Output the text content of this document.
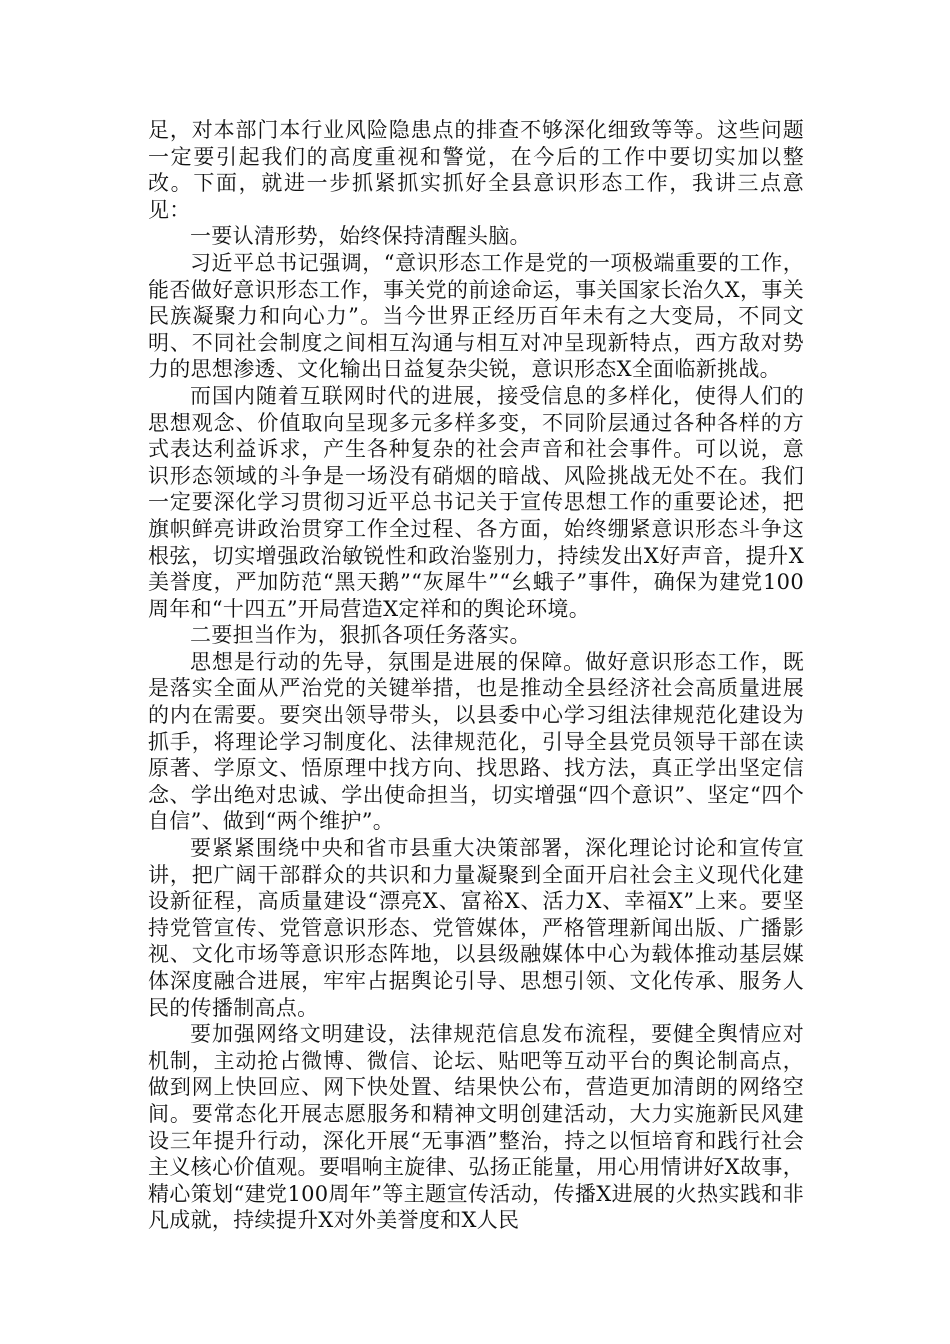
足，对本部门本行业风险隐患点的排查不够深化细致等等。这些问题一定要引起我们的高度重视和警觉，在今后的工作中要切实加以整改。下面，就进一步抓紧抓实抓好全县意识形态工作，我讲三点意见：

一要认清形势，始终保持清醒头脑。

习近平总书记强调，“意识形态工作是党的一项极端重要的工作，能否做好意识形态工作，事关党的前途命运，事关国家长治久X，事关民族凝聚力和向心力”。当今世界正经历百年未有之大变局，不同文明、不同社会制度之间相互沟通与相互对冲呈现新特点，西方敌对势力的思想渗透、文化输出日益复杂尖锐，意识形态X全面临新挑战。

而国内随着互联网时代的进展，接受信息的多样化，使得人们的思想观念、价值取向呈现多元多样多变，不同阶层通过各种各样的方式表达利益诉求，产生各种复杂的社会声音和社会事件。可以说，意识形态领域的斗争是一场没有硝烟的暗战、风险挑战无处不在。我们一定要深化学习贯彻习近平总书记关于宣传思想工作的重要论述，把旗帜鲜亮讲政治贯穿工作全过程、各方面，始终绷紧意识形态斗争这根弦，切实增强政治敏锐性和政治鉴别力，持续发出X好声音，提升X美誉度，严加防范“黑天鹅”“灰犀牛”“幺蛾子”事件，确保为建党100周年和“十四五”开局营造X定祥和的舆论环境。

二要担当作为，狠抓各项任务落实。

思想是行动的先导，氛围是进展的保障。做好意识形态工作，既是落实全面从严治党的关键举措，也是推动全县经济社会高质量进展的内在需要。要突出领导带头，以县委中心学习组法律规范化建设为抓手，将理论学习制度化、法律规范化，引导全县党员领导干部在读原著、学原文、悟原理中找方向、找思路、找方法，真正学出坚定信念、学出绝对忠诚、学出使命担当，切实增强“四个意识”、坚定“四个自信”、做到“两个维护”。

要紧紧围绕中央和省市县重大决策部署，深化理论讨论和宣传宣讲，把广阔干部群众的共识和力量凝聚到全面开启社会主义现代化建设新征程，高质量建设“漂亮X、富裕X、活力X、幸福X”上来。要坚持党管宣传、党管意识形态、党管媒体，严格管理新闻出版、广播影视、文化市场等意识形态阵地，以县级融媒体中心为载体推动基层媒体深度融合进展，牢牢占据舆论引导、思想引领、文化传承、服务人民的传播制高点。

要加强网络文明建设，法律规范信息发布流程，要健全舆情应对机制，主动抢占微博、微信、论坛、贴吧等互动平台的舆论制高点，做到网上快回应、网下快处置、结果快公布，营造更加清朗的网络空间。要常态化开展志愿服务和精神文明创建活动，大力实施新民风建设三年提升行动，深化开展“无事酒”整治，持之以恒培育和践行社会主义核心价值观。要唱响主旋律、弘扬正能量，用心用情讲好X故事，精心策划“建党100周年”等主题宣传活动，传播X进展的火热实践和非凡成就，持续提升X对外美誉度和X人民
